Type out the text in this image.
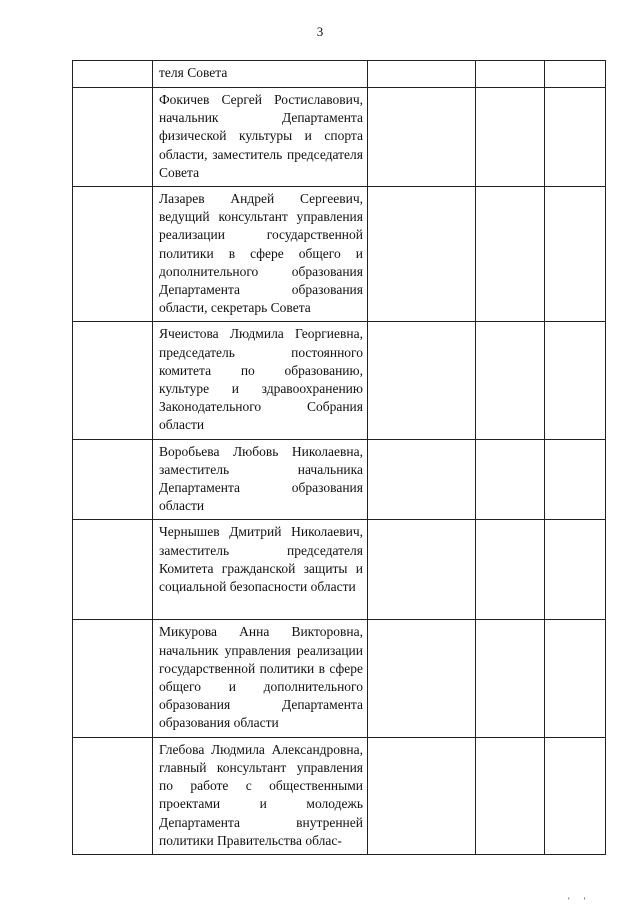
3

	теля Совета			

	Фокичев Сергей Ростиславович, начальник Департамента физической культуры и спорта области, заместитель председателя Совета			

	Лазарев Андрей Сергеевич, ведущий консультант управления реализации государственной политики в сфере общего и дополнительного образования Департамента образования области, секретарь Совета			

	Ячеистова Людмила Георгиевна, председатель постоянного комитета по образованию, культуре и здравоохранению Законодательного Собрания области			

	Воробьева Любовь Николаевна, заместитель начальника Департамента образования области			

	Чернышев Дмитрий Николаевич, заместитель председателя Комитета гражданской защиты и социальной безопасности области			

	Микурова Анна Викторовна, начальник управления реализации государственной политики в сфере общего и дополнительного образования Департамента образования области			

	Глебова Людмила Александровна, главный консультант управления по работе с общественными проектами и молодежь Департамента внутренней политики Правительства облас-			

' '
